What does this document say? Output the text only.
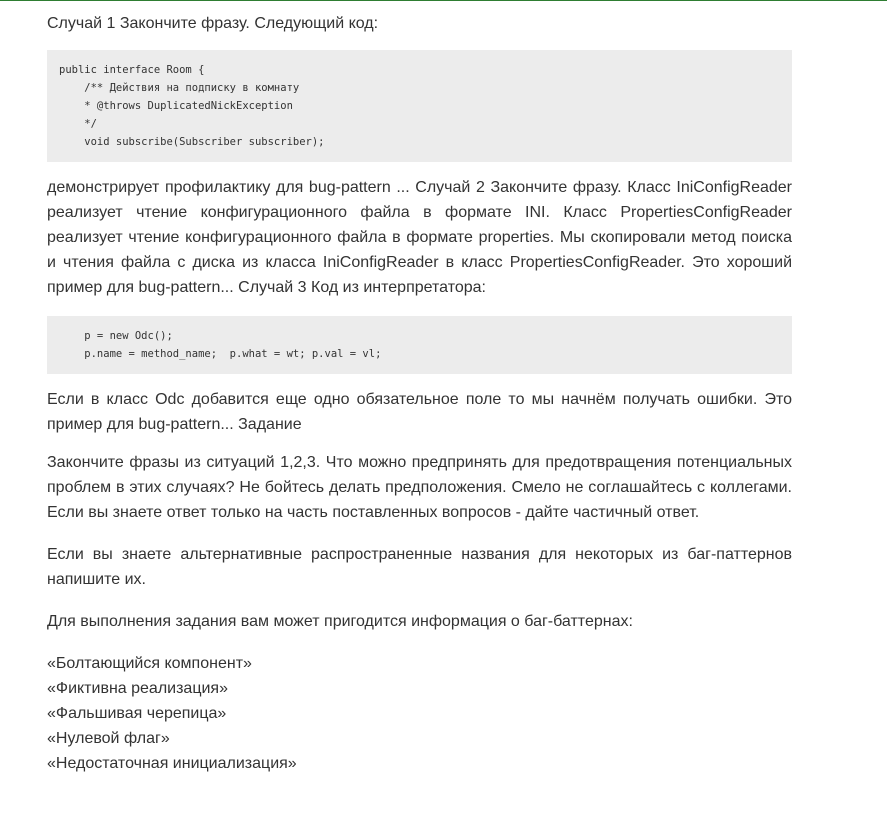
Случай 1 Закончите фразу. Следующий код:

public interface Room {
/** Действия на подписку в комнату
* @throws DuplicatedNickException
*/
void subscribe(Subscriber subscriber);

демонстрирует профилактику для bug-pattern ... Случай 2 Закончите фразу. Класс IniConfigReader реализует чтение конфигурационного файла в формате INI. Класс PropertiesConfigReader реализует чтение конфигурационного файла в формате properties. Мы скопировали метод поиска и чтения файла с диска из класса IniConfigReader в класс PropertiesConfigReader. Это хороший пример для bug-pattern... Случай 3 Код из интерпретатора:

p = new Odc();
p.name = method_name;  p.what = wt; p.val = vl;

Если в класс Odc добавится еще одно обязательное поле то мы начнём получать ошибки. Это пример для bug-pattern... Задание

Закончите фразы из ситуаций 1,2,3. Что можно предпринять для предотвращения потенциальных проблем в этих случаях? Не бойтесь делать предположения. Смело не соглашайтесь с коллегами. Если вы знаете ответ только на часть поставленных вопросов - дайте частичный ответ.

Если вы знаете альтернативные распространенные названия для некоторых из баг-паттернов напишите их.

Для выполнения задания вам может пригодится информация о баг-баттернах:

«Болтающийся компонент»
«Фиктивна реализация»
«Фальшивая черепица»
«Нулевой флаг»
«Недостаточная инициализация»
